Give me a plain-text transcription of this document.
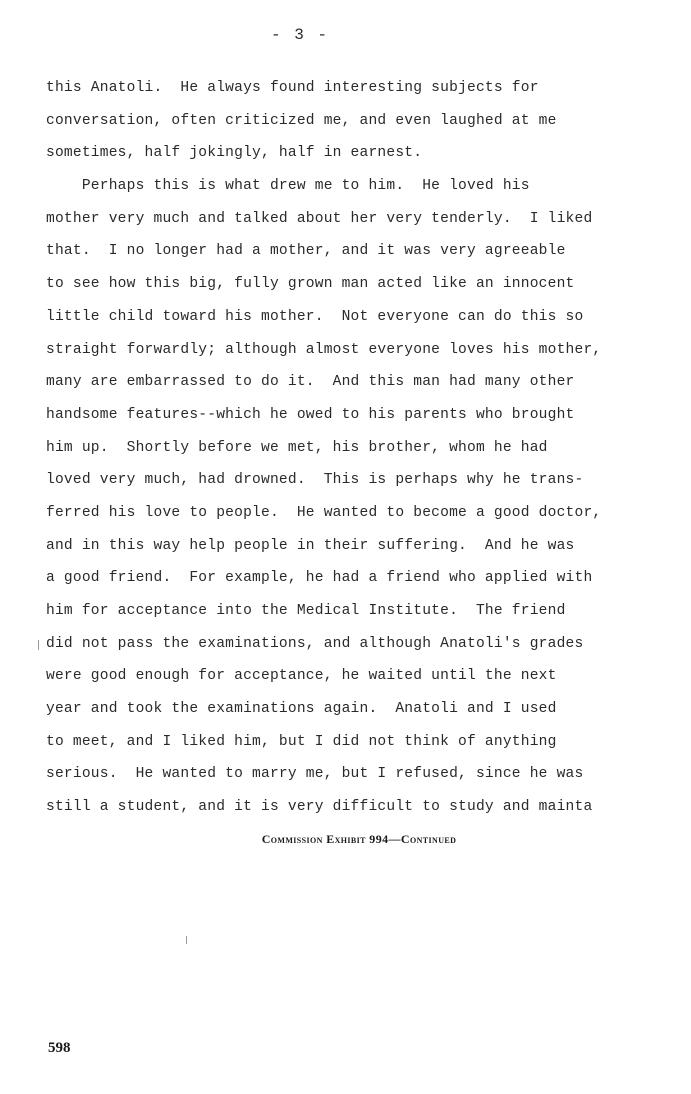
- 3 -
this Anatoli.  He always found interesting subjects for
conversation, often criticized me, and even laughed at me
sometimes, half jokingly, half in earnest.
Perhaps this is what drew me to him.  He loved his
mother very much and talked about her very tenderly.  I liked
that.  I no longer had a mother, and it was very agreeable
to see how this big, fully grown man acted like an innocent
little child toward his mother.  Not everyone can do this so
straight forwardly; although almost everyone loves his mother,
many are embarrassed to do it.  And this man had many other
handsome features--which he owed to his parents who brought
him up.  Shortly before we met, his brother, whom he had
loved very much, had drowned.  This is perhaps why he trans-
ferred his love to people.  He wanted to become a good doctor,
and in this way help people in their suffering.  And he was
a good friend.  For example, he had a friend who applied with
him for acceptance into the Medical Institute.  The friend
did not pass the examinations, and although Anatoli's grades
were good enough for acceptance, he waited until the next
year and took the examinations again.  Anatoli and I used
to meet, and I liked him, but I did not think of anything
serious.  He wanted to marry me, but I refused, since he was
still a student, and it is very difficult to study and mainta
Commission Exhibit 994—Continued
598
